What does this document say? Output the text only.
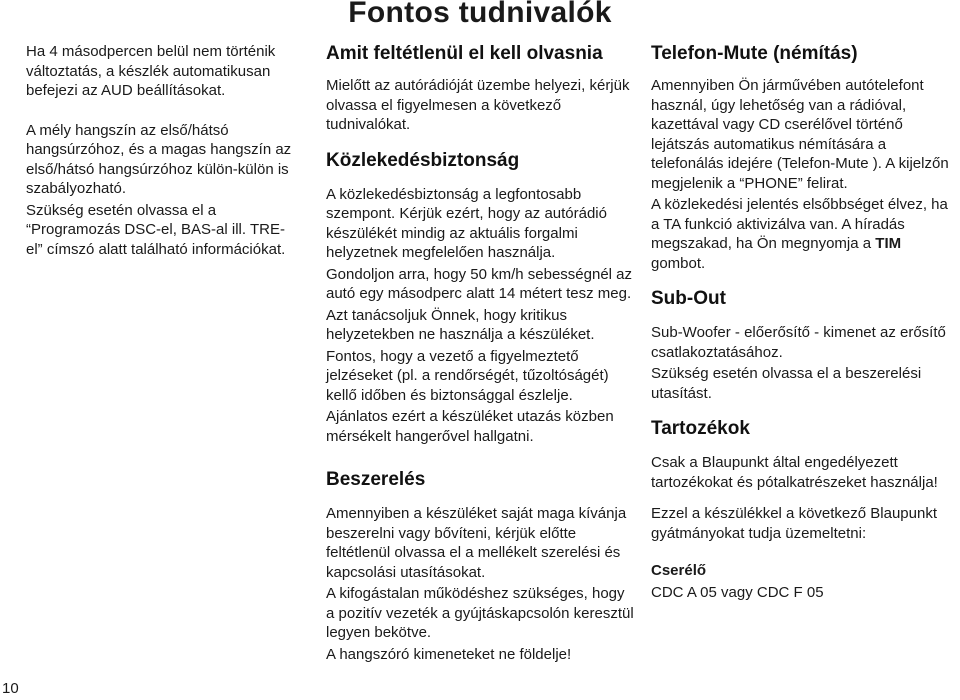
Fontos tudnivalók

Ha 4 másodpercen belül nem történik változtatás, a készlék automatikusan befejezi az AUD beállításokat.

A mély hangszín az első/hátsó hangsúrzóhoz, és a magas hangszín az első/hátsó hangsúrzóhoz külön-külön is szabályozható.

Szükség esetén olvassa el a “Programozás DSC-el, BAS-al ill. TRE-el” címszó alatt található információkat.

Amit feltétlenül el kell olvasnia

Mielőtt az autórádióját üzembe helyezi, kérjük olvassa el figyelmesen a következő tudnivalókat.

Közlekedésbiztonság

A közlekedésbiztonság a legfontosabb szempont. Kérjük ezért, hogy az autórádió készülékét mindig az aktuális forgalmi helyzetnek megfelelően használja.

Gondoljon arra, hogy 50 km/h sebességnél az autó egy másodperc alatt 14 métert tesz meg.

Azt tanácsoljuk Önnek, hogy kritikus helyzetekben ne használja a készüléket.

Fontos, hogy a vezető a figyelmeztető jelzéseket (pl. a rendőrségét, tűzoltóságét) kellő időben és biztonsággal észlelje.

Ajánlatos ezért a készüléket utazás közben mérsékelt hangerővel hallgatni.

Beszerelés

Amennyiben a készüléket saját maga kívánja beszerelni vagy bővíteni, kérjük előtte feltétlenül olvassa el a mellékelt szerelési és kapcsolási utasításokat.

A kifogástalan működéshez szükséges, hogy a pozitív vezeték a gyújtáskapcsolón keresztül legyen bekötve.

A hangszóró kimeneteket ne földelje!

Telefon-Mute (némítás)

Amennyiben Ön járművében autótelefont használ, úgy lehetőség van a rádióval, kazettával vagy CD cserélővel történő lejátszás automatikus némítására a telefonálás idejére (Telefon-Mute ). A kijelzőn megjelenik a “PHONE” felirat.

A közlekedési jelentés elsőbbséget élvez, ha a TA funkció aktivizálva van. A híradás megszakad, ha Ön megnyomja a TIM gombot.

Sub-Out

Sub-Woofer - előerősítő - kimenet az erősítő csatlakoztatásához.

Szükség esetén olvassa el a beszerelési utasítást.

Tartozékok

Csak a Blaupunkt által engedélyezett tartozékokat és pótalkatrészeket használja!

Ezzel a készülékkel a következő Blaupunkt gyátmányokat tudja üzemeltetni:

Cserélő

CDC A 05 vagy CDC F 05

10
